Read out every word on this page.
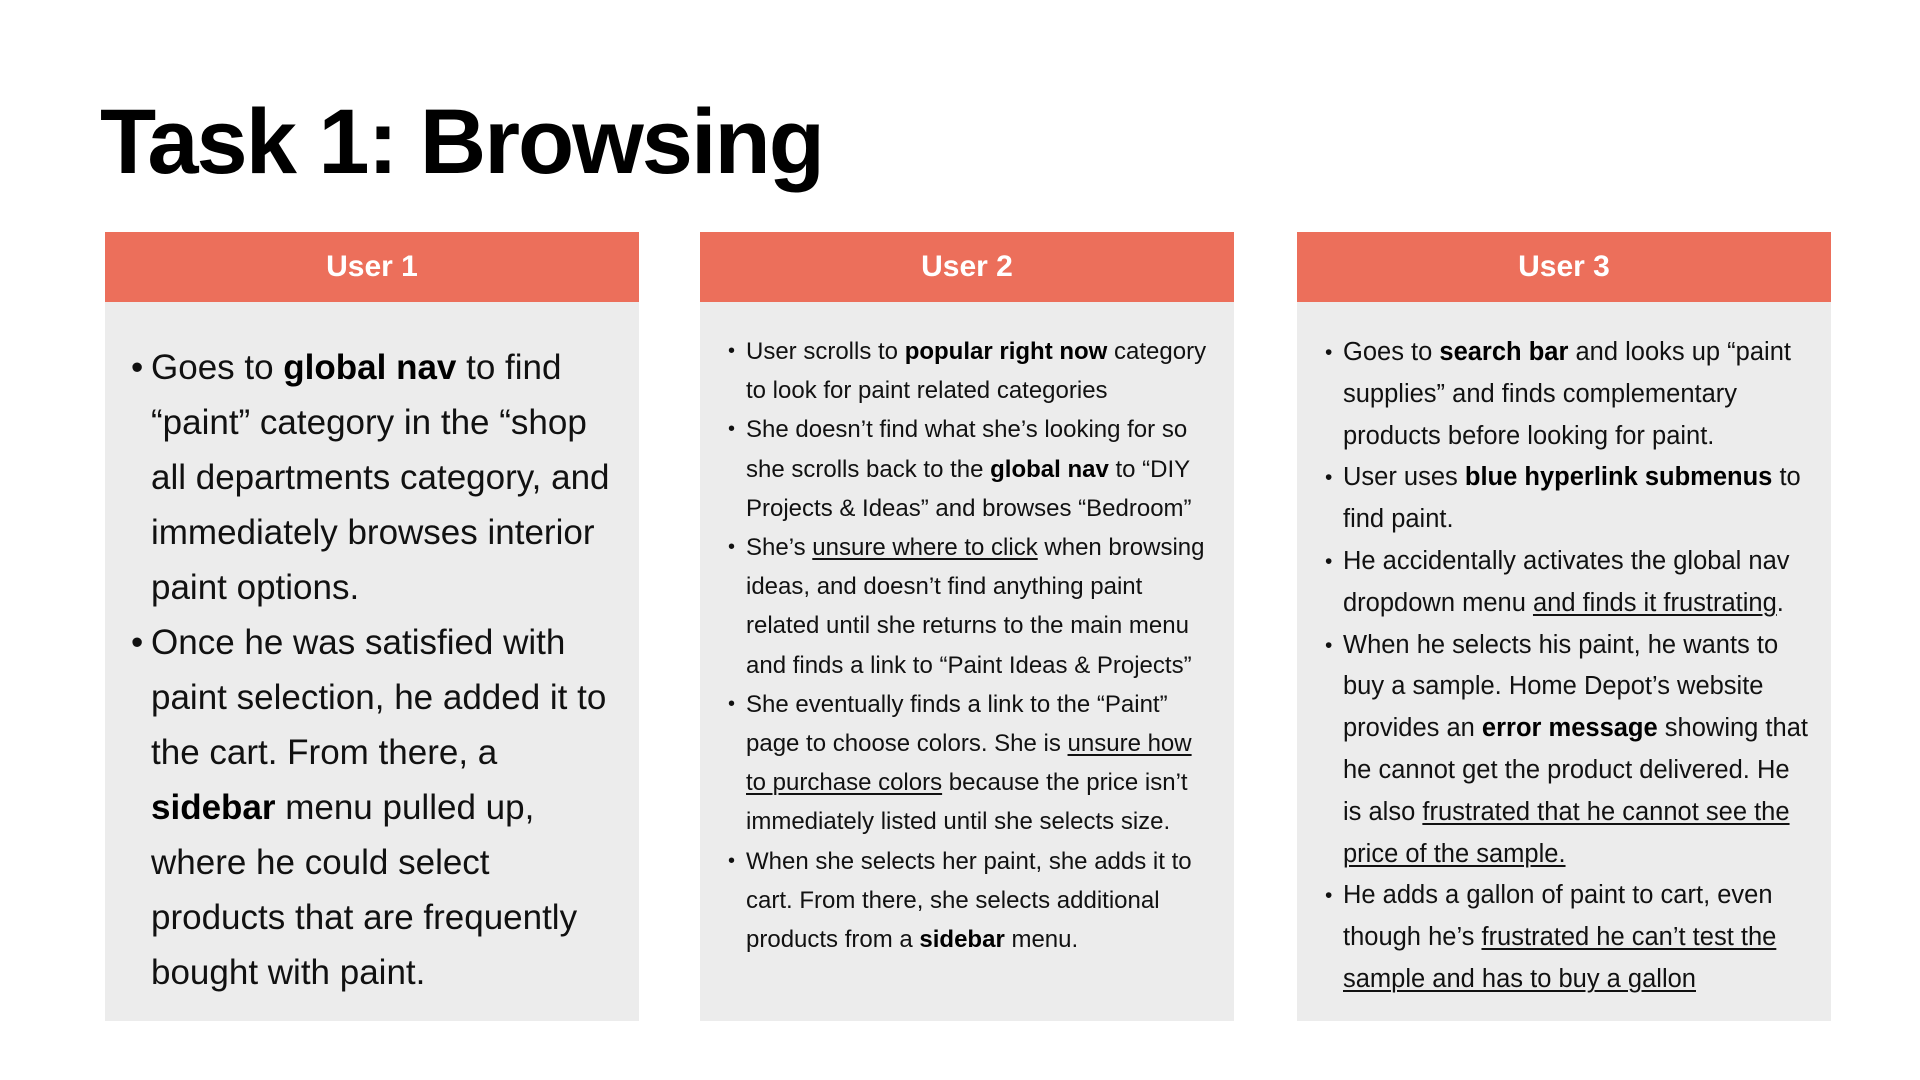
Task 1: Browsing
User 1
• Goes to global nav to find “paint” category in the “shop all departments category, and immediately browses interior paint options.
• Once he was satisfied with paint selection, he added it to the cart. From there, a sidebar menu pulled up, where he could select products that are frequently bought with paint.
User 2
• User scrolls to popular right now category to look for paint related categories
• She doesn’t find what she’s looking for so she scrolls back to the global nav to “DIY Projects & Ideas” and browses “Bedroom”
• She’s unsure where to click when browsing ideas, and doesn’t find anything paint related until she returns to the main menu and finds a link to “Paint Ideas & Projects”
• She eventually finds a link to the “Paint” page to choose colors. She is unsure how to purchase colors because the price isn’t immediately listed until she selects size.
• When she selects her paint, she adds it to cart. From there, she selects additional products from a sidebar menu.
User 3
• Goes to search bar and looks up “paint supplies” and finds complementary products before looking for paint.
• User uses blue hyperlink submenus to find paint.
• He accidentally activates the global nav dropdown menu and finds it frustrating.
• When he selects his paint, he wants to buy a sample. Home Depot’s website provides an error message showing that he cannot get the product delivered. He is also frustrated that he cannot see the price of the sample.
• He adds a gallon of paint to cart, even though he’s frustrated he can’t test the sample and has to buy a gallon
